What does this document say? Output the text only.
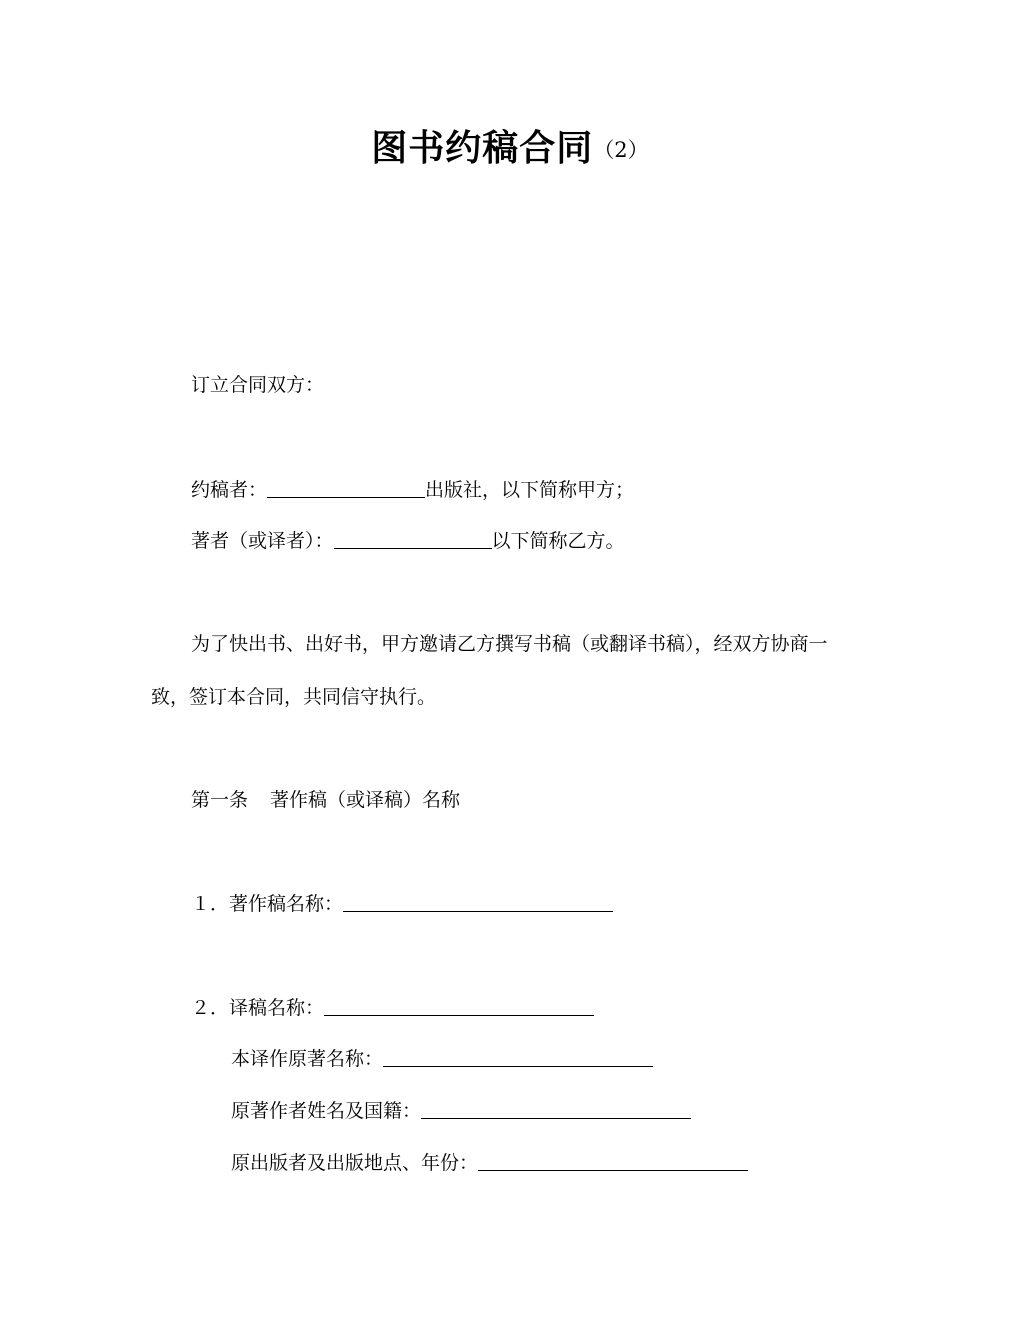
图书约稿合同（2）
订立合同双方：
约稿者：	出版社，以下简称甲方；
著者（或译者）：	以下简称乙方。
为了快出书、出好书，甲方邀请乙方撰写书稿（或翻译书稿），经双方协商一
致，签订本合同，共同信守执行。
第一条 著作稿（或译稿）名称
１．著作稿名称：
２．译稿名称：
本译作原著名称：
原著作者姓名及国籍：
原出版者及出版地点、年份：
